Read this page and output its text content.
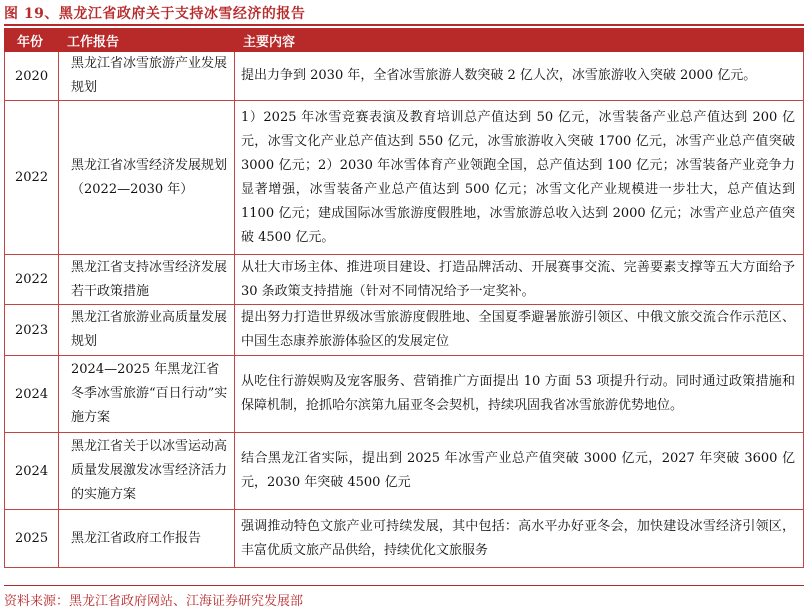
图 19、黑龙江省政府关于支持冰雪经济的报告
年份	工作报告	主要内容
2020	黑龙江省冰雪旅游产业发展规划	提出力争到 2030 年，全省冰雪旅游人数突破 2 亿人次，冰雪旅游收入突破 2000 亿元。
2022	黑龙江省冰雪经济发展规划（2022—2030 年）	1）2025 年冰雪竞赛表演及教育培训总产值达到 50 亿元，冰雪装备产业总产值达到 200 亿元，冰雪文化产业总产值达到 550 亿元，冰雪旅游收入突破 1700 亿元，冰雪产业总产值突破 3000 亿元；2）2030 年冰雪体育产业领跑全国，总产值达到 100 亿元；冰雪装备产业竞争力显著增强，冰雪装备产业总产值达到 500 亿元；冰雪文化产业规模进一步壮大，总产值达到 1100 亿元；建成国际冰雪旅游度假胜地，冰雪旅游总收入达到 2000 亿元；冰雪产业总产值突破 4500 亿元。
2022	黑龙江省支持冰雪经济发展若干政策措施	从壮大市场主体、推进项目建设、打造品牌活动、开展赛事交流、完善要素支撑等五大方面给予 30 条政策支持措施（针对不同情况给予一定奖补。
2023	黑龙江省旅游业高质量发展规划	提出努力打造世界级冰雪旅游度假胜地、全国夏季避暑旅游引领区、中俄文旅交流合作示范区、中国生态康养旅游体验区的发展定位
2024	2024—2025 年黑龙江省冬季冰雪旅游“百日行动”实施方案	从吃住行游娱购及宠客服务、营销推广方面提出 10 方面 53 项提升行动。同时通过政策措施和保障机制，抢抓哈尔滨第九届亚冬会契机，持续巩固我省冰雪旅游优势地位。
2024	黑龙江省关于以冰雪运动高质量发展激发冰雪经济活力的实施方案	结合黑龙江省实际，提出到 2025 年冰雪产业总产值突破 3000 亿元，2027 年突破 3600 亿元，2030 年突破 4500 亿元
2025	黑龙江省政府工作报告	强调推动特色文旅产业可持续发展，其中包括：高水平办好亚冬会，加快建设冰雪经济引领区，丰富优质文旅产品供给，持续优化文旅服务
资料来源：黑龙江省政府网站、江海证券研究发展部
